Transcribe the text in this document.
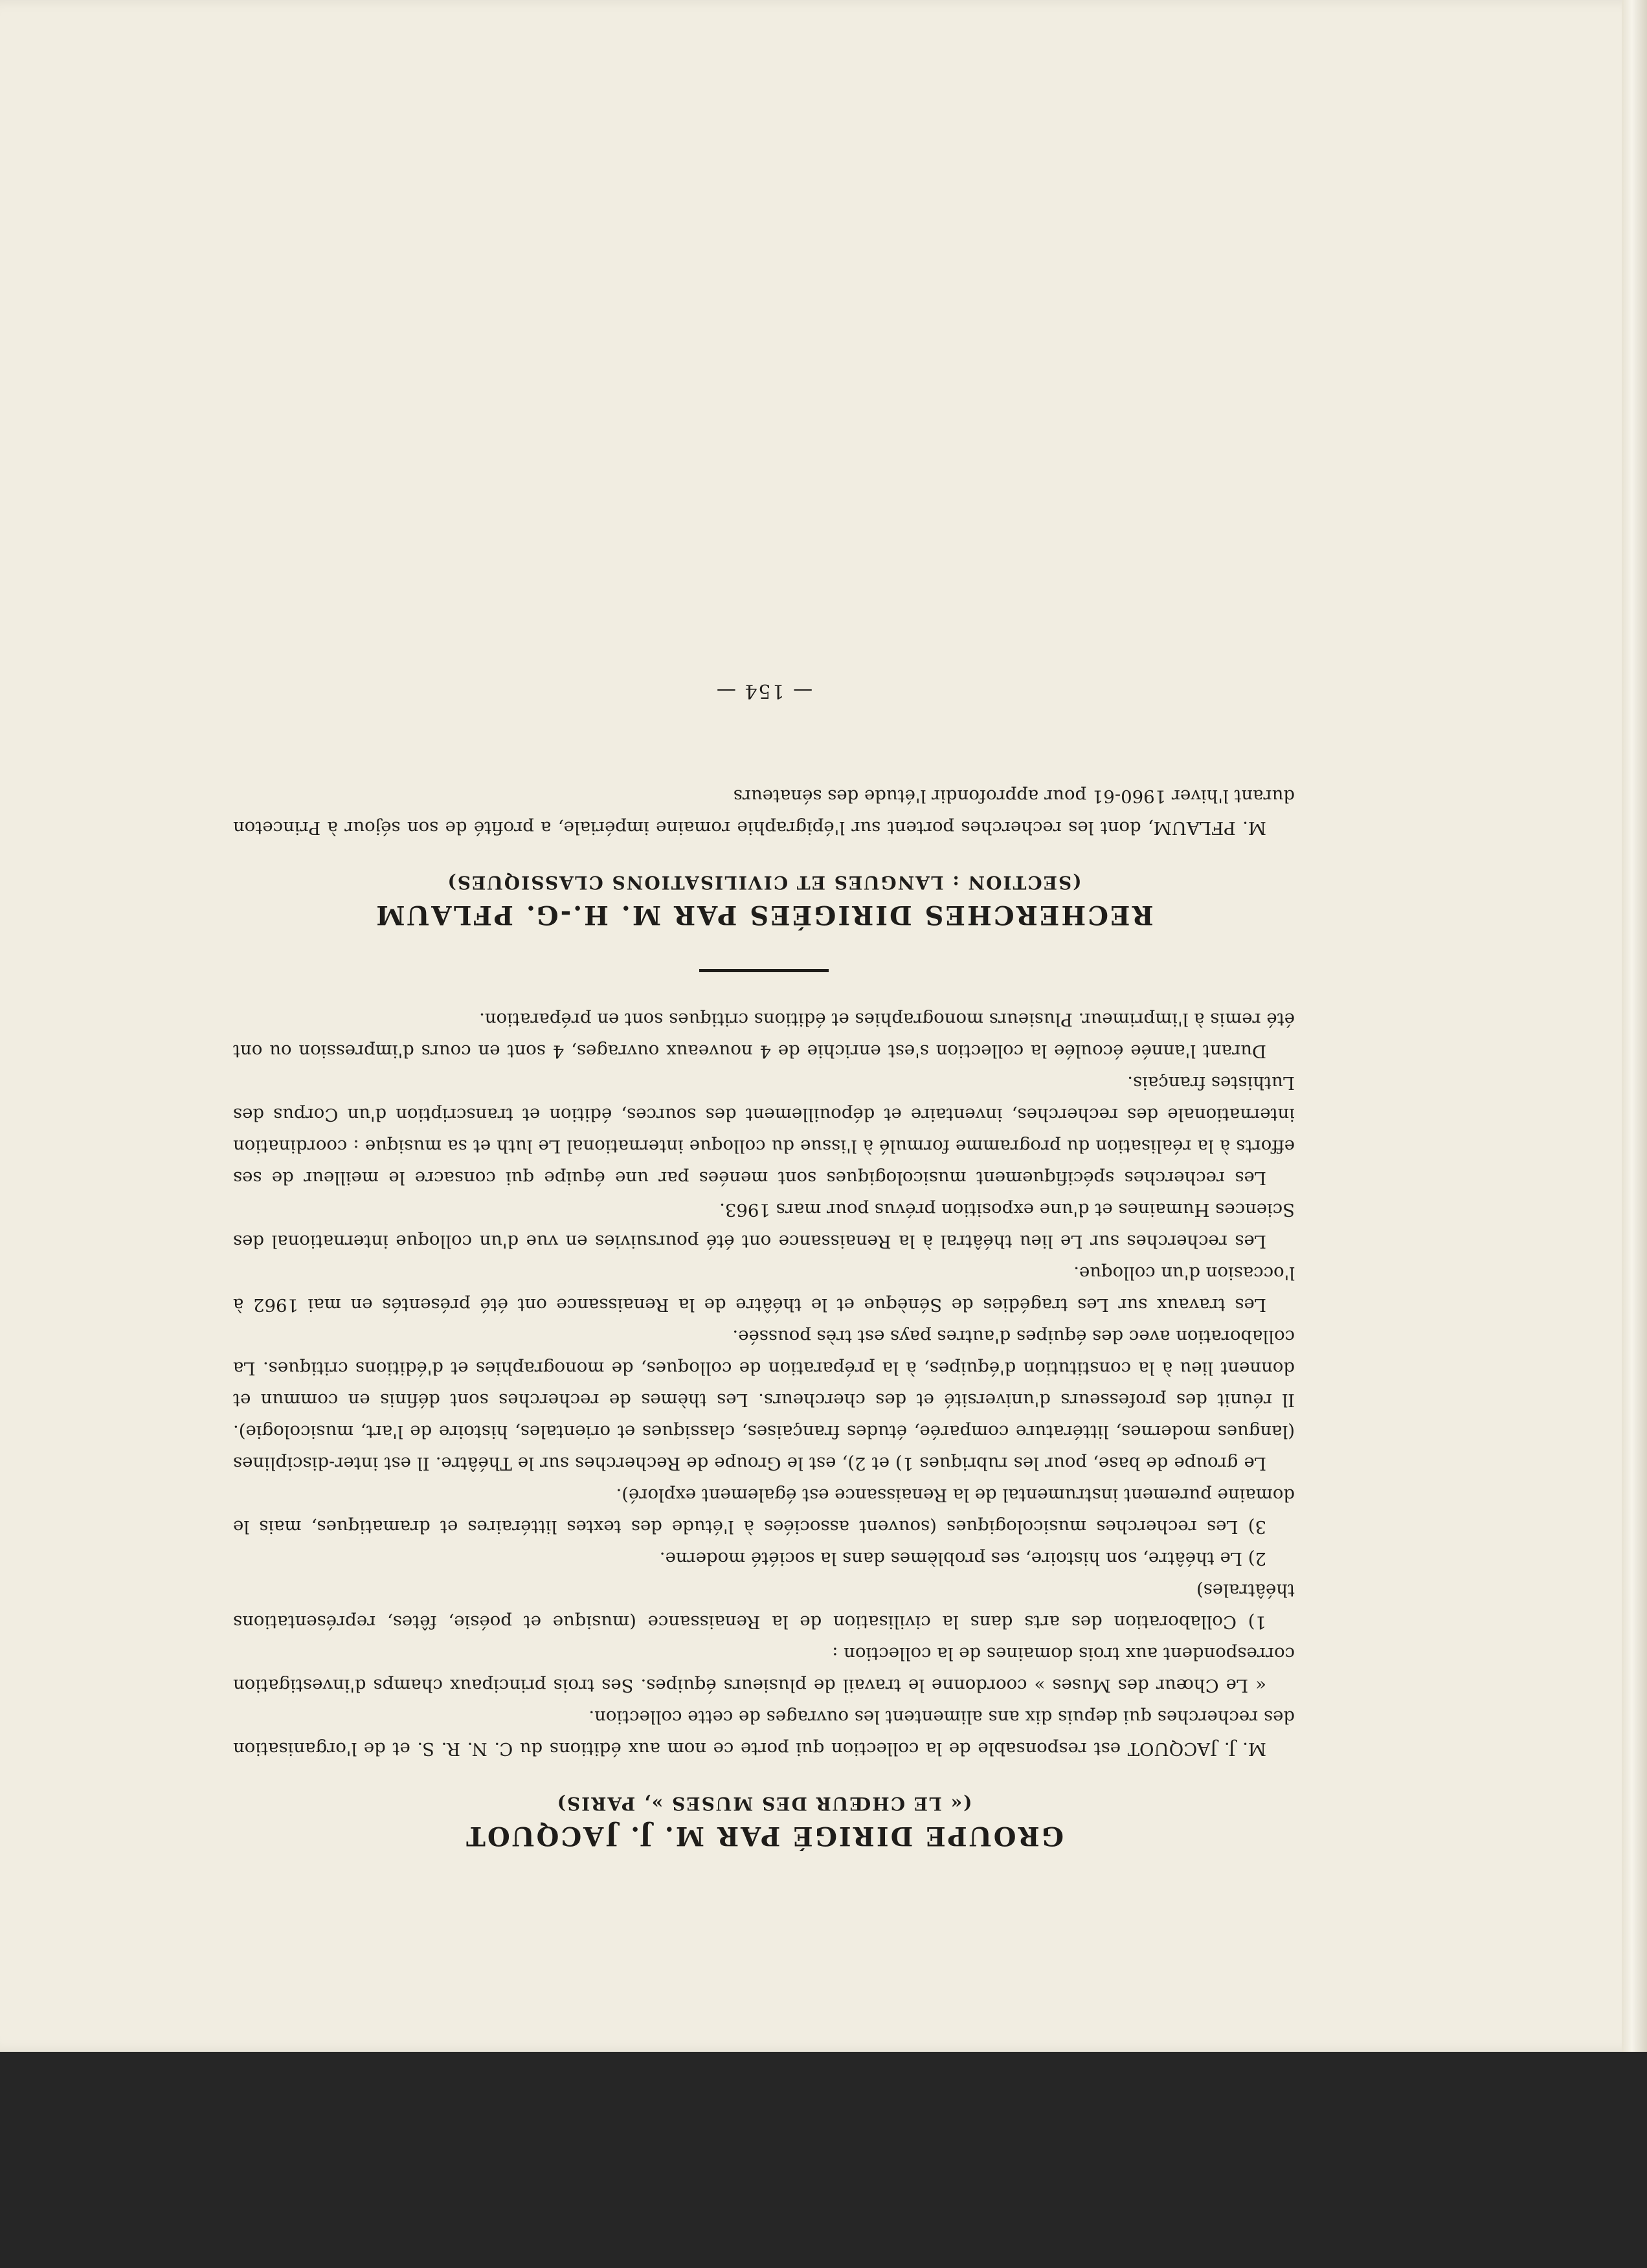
GROUPE DIRIGÉ PAR M. J. JACQUOT
(« LE CHŒUR DES MUSES », PARIS)

M. J. JACQUOT est responsable de la collection qui porte ce nom aux éditions du C. N. R. S. et de l'organisation des recherches qui depuis dix ans alimentent les ouvrages de cette collection.

« Le Chœur des Muses » coordonne le travail de plusieurs équipes. Ses trois principaux champs d'investigation correspondent aux trois domaines de la collection :

1) Collaboration des arts dans la civilisation de la Renaissance (musique et poésie, fêtes, représentations théâtrales)

2) Le théâtre, son histoire, ses problèmes dans la société moderne.

3) Les recherches musicologiques (souvent associées à l'étude des textes littéraires et dramatiques, mais le domaine purement instrumental de la Renaissance est également exploré).

Le groupe de base, pour les rubriques 1) et 2), est le Groupe de Recherches sur le Théâtre. Il est inter-disciplines (langues modernes, littérature comparée, études françaises, classiques et orientales, histoire de l'art, musicologie). Il réunit des professeurs d'université et des chercheurs. Les thèmes de recherches sont définis en commun et donnent lieu à la constitution d'équipes, à la préparation de colloques, de monographies et d'éditions critiques. La collaboration avec des équipes d'autres pays est très poussée.

Les travaux sur Les tragédies de Sénèque et le théâtre de la Renaissance ont été présentés en mai 1962 à l'occasion d'un colloque.

Les recherches sur Le lieu théâtral à la Renaissance ont été poursuivies en vue d'un colloque international des Sciences Humaines et d'une exposition prévus pour mars 1963.

Les recherches spécifiquement musicologiques sont menées par une équipe qui consacre le meilleur de ses efforts à la réalisation du programme formulé à l'issue du colloque international Le luth et sa musique : coordination internationale des recherches, inventaire et dépouillement des sources, édition et transcription d'un Corpus des Luthistes français.

Durant l'année écoulée la collection s'est enrichie de 4 nouveaux ouvrages, 4 sont en cours d'impression ou ont été remis à l'imprimeur. Plusieurs monographies et éditions critiques sont en préparation.

RECHERCHES DIRIGÉES PAR M. H.-G. PFLAUM
(SECTION : LANGUES ET CIVILISATIONS CLASSIQUES)

M. PFLAUM, dont les recherches portent sur l'épigraphie romaine impériale, a profité de son séjour à Princeton durant l'hiver 1960-61 pour approfondir l'étude des sénateurs

— 154 —
